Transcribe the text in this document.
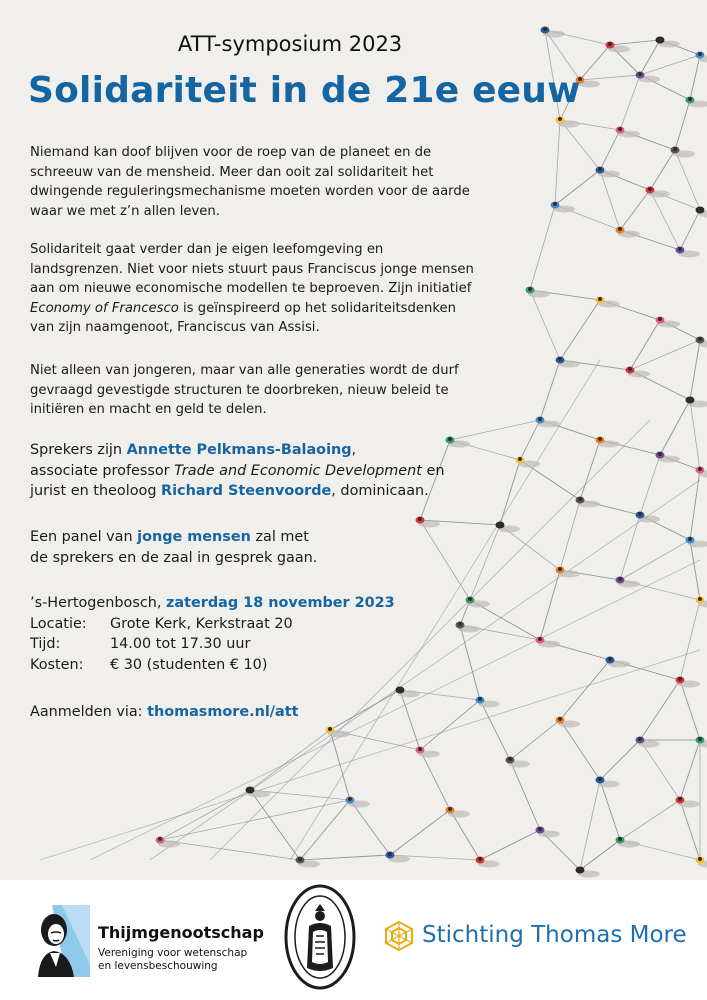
ATT-symposium 2023
Solidariteit in de 21e eeuw

Niemand kan doof blijven voor de roep van de planeet en de schreeuw van de mensheid. Meer dan ooit zal solidariteit het dwingende reguleringsmechanisme moeten worden voor de aarde waar we met z’n allen leven.

Solidariteit gaat verder dan je eigen leefomgeving en landsgrenzen. Niet voor niets stuurt paus Franciscus jonge mensen aan om nieuwe economische modellen te beproeven. Zijn initiatief Economy of Francesco is geïnspireerd op het solidariteitsdenken van zijn naamgenoot, Franciscus van Assisi.

Niet alleen van jongeren, maar van alle generaties wordt de durf gevraagd gevestigde structuren te doorbreken, nieuw beleid te initiëren en macht en geld te delen.

Sprekers zijn Annette Pelkmans-Balaoing,
associate professor Trade and Economic Development en jurist en theoloog Richard Steenvoorde, dominicaan.
Een panel van jonge mensen zal met de sprekers en de zaal in gesprek gaan.
’s-Hertogenbosch, zaterdag 18 november 2023
Locatie:	Grote Kerk, Kerkstraat 20
Tijd:	14.00 tot 17.30 uur
Kosten:	€ 30 (studenten € 10)
Aanmelden via: thomasmore.nl/att
Thijmgenootschap
Vereniging voor wetenschap
en levensbeschouwing
Stichting Thomas More
